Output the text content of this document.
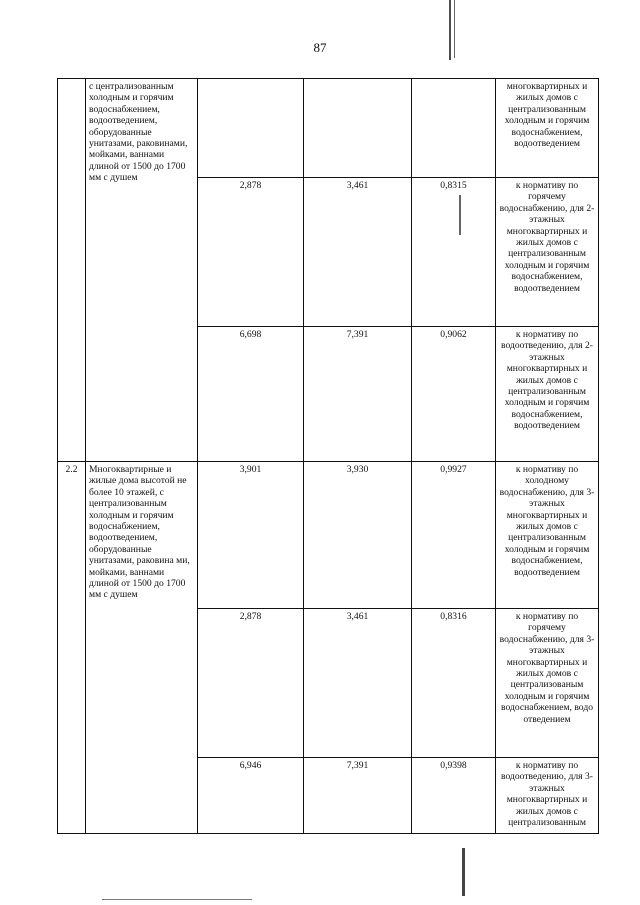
87
	с централизованным холодным и горячим водоснабжением, водоотведением, оборудованные унитазами, раковинами, мойками, ваннами длиной от 1500 до 1700 мм с душем				многоквартирных и жилых домов с централизованным холодным и горячим водоснабжением, водоотведением
		2,878	3,461	0,8315	к нормативу по горячему водоснабжению, для 2-этажных многоквартирных и жилых домов с централизованным холодным и горячим водоснабжением, водоотведением
		6,698	7,391	0,9062	к нормативу по водоотведению, для 2-этажных многоквартирных и жилых домов с централизованным холодным и горячим водоснабжением, водоотведением
2.2	Многоквартирные и жилые дома высотой не более 10 этажей, с централизованным холодным и горячим водоснабжением, водоотведением, оборудованные унитазами, раковина ми, мойками, ваннами длиной от 1500 до 1700 мм с душем	3,901	3,930	0,9927	к нормативу по холодному водоснабжению, для 3-этажных многоквартирных и жилых домов с централизованным холодным и горячим водоснабжением, водоотведением
		2,878	3,461	0,8316	к нормативу по горячему водоснабжению, для 3-этажных многоквартирных и жилых домов с централизованым холодным и горячим водоснабжением, водо отведением
		6,946	7,391	0,9398	к нормативу по водоотведению, для 3-этажных многоквартирных и жилых домов с централизованным
